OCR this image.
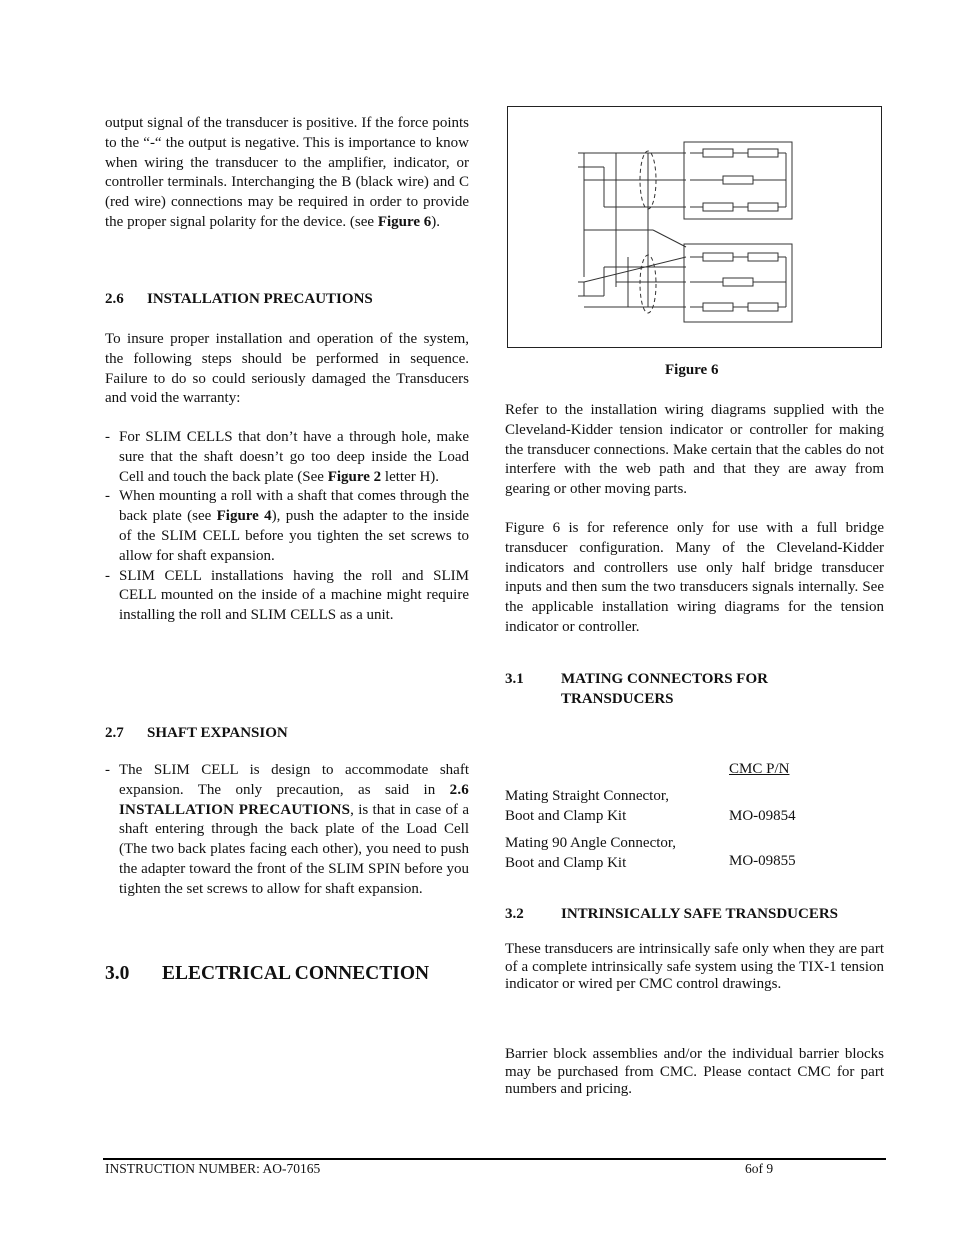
output signal of the transducer is positive. If the force points to the “-“ the output is negative. This is importance to know when wiring the transducer to the amplifier, indicator, or controller terminals. Interchanging the B (black wire) and C (red wire) connections may be required in order to provide the proper signal polarity for the device. (see Figure 6).

2.6	INSTALLATION PRECAUTIONS

To insure proper installation and operation of the system, the following steps should be performed in sequence. Failure to do so could seriously damaged the Transducers and void the warranty:

- For SLIM CELLS that don’t have a through hole, make sure that the shaft doesn’t go too deep inside the Load Cell and touch the back plate (See Figure 2 letter H).
- When mounting a roll with a shaft that comes through the back plate (see Figure 4), push the adapter to the inside of the SLIM CELL before you tighten the set screws to allow for shaft expansion.
- SLIM CELL installations having the roll and SLIM CELL mounted on the inside of a machine might require installing the roll and SLIM CELLS as a unit.
2.7	SHAFT EXPANSION
- The SLIM CELL is design to accommodate shaft expansion. The only precaution, as said in 2.6 INSTALLATION PRECAUTIONS, is that in case of a shaft entering through the back plate of the Load Cell (The two back plates facing each other), you need to push the adapter toward the front of the SLIM SPIN before you tighten the set screws to allow for shaft expansion.
3.0	ELECTRICAL CONNECTION
Figure 6

Refer to the installation wiring diagrams supplied with the Cleveland-Kidder tension indicator or controller for making the transducer connections. Make certain that the cables do not interfere with the web path and that they are away from gearing or other moving parts.

Figure 6 is for reference only for use with a full bridge transducer configuration. Many of the Cleveland-Kidder indicators and controllers use only half bridge transducer inputs and then sum the two transducers signals internally. See the applicable installation wiring diagrams for the tension indicator or controller.

3.1	MATING CONNECTORS FOR TRANSDUCERS
CMC P/N
Mating Straight Connector,
Boot and Clamp Kit	MO-09854
Mating 90 Angle Connector,
Boot and Clamp Kit	MO-09855
3.2	INTRINSICALLY SAFE TRANSDUCERS

These transducers are intrinsically safe only when they are part of a complete intrinsically safe system using the TIX-1 tension indicator or wired per CMC control drawings.

Barrier block assemblies and/or the individual barrier blocks may be purchased from CMC. Please contact CMC for part numbers and pricing.

INSTRUCTION NUMBER: AO-70165	6of 9
